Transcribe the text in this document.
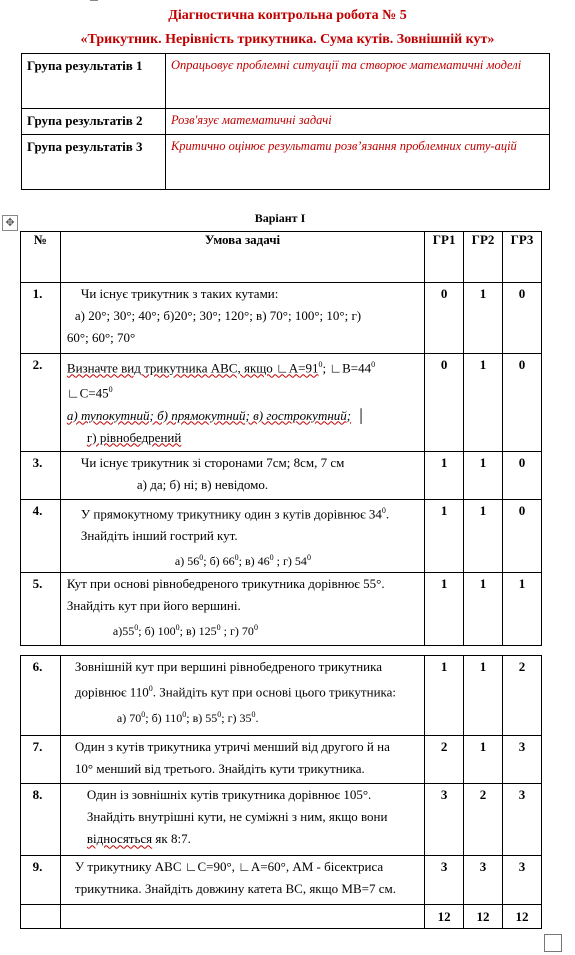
Діагностична контрольна робота № 5
«Трикутник. Нерівність трикутника. Сума кутів. Зовнішній кут»
Група результатів 1	Опрацьовує проблемні ситуації та створює математичні моделі
Група результатів 2	Розв'язує математичні задачі
Група результатів 3	Критично оцінює результати розв’язання проблемних ситу-ацій
✥	Варіант І
№	Умова задачі	ГР1	ГР2	ГР3
1.	Чи існує трикутник з таких кутами:
а) 20°; 30°; 40°; б)20°; 30°; 120°; в) 70°; 100°; 10°; г)
60°; 60°; 70°	0	1	0
2.	Визначте вид трикутника АВС, якщо $∟А=91^0$; $∟В=44^0$
$∟С=45^0$
а) тупокутний; б) прямокутний; в) гострокутний;  │
г) рівнобедрений	0	1	0
3.	Чи існує трикутник зі сторонами 7см; 8см, 7 см
а) да; б) ні; в) невідомо.	1	1	0
4.	У прямокутному трикутнику один з кутів дорівнює $34^0$.
Знайдіть інший гострий кут.
а) $56^0$; б) $66^0$; в) $46^0$ ; г) $54^0$	1	1	0
5.	Кут при основі рівнобедреного трикутника дорівнює 55°.
Знайдіть кут при його вершині.
$а)55^0$; б) $100^0$; в) $125^0$ ; г) $70^0$	1	1	1

6.	Зовнішній кут при вершині рівнобедреного трикутника
дорівнює $110^0$. Знайдіть кут при основі цього трикутника:
а) $70^0$; б) $110^0$; в) $55^0$; г) $35^0$.	1	1	2
7.	Один з кутів трикутника утричі менший від другого й на
10° менший від третього. Знайдіть кути трикутника.	2	1	3
8.	Один із зовнішніх кутів трикутника дорівнює 105°.
Знайдіть внутрішні кути, не суміжні з ним, якщо вони
відносяться як 8:7.	3	2	3
9.	У трикутнику АВС ∟С=90°, ∟А=60°, АМ - бісектриса
трикутника. Знайдіть довжину катета ВС, якщо МВ=7 см.	3	3	3
		12	12	12
